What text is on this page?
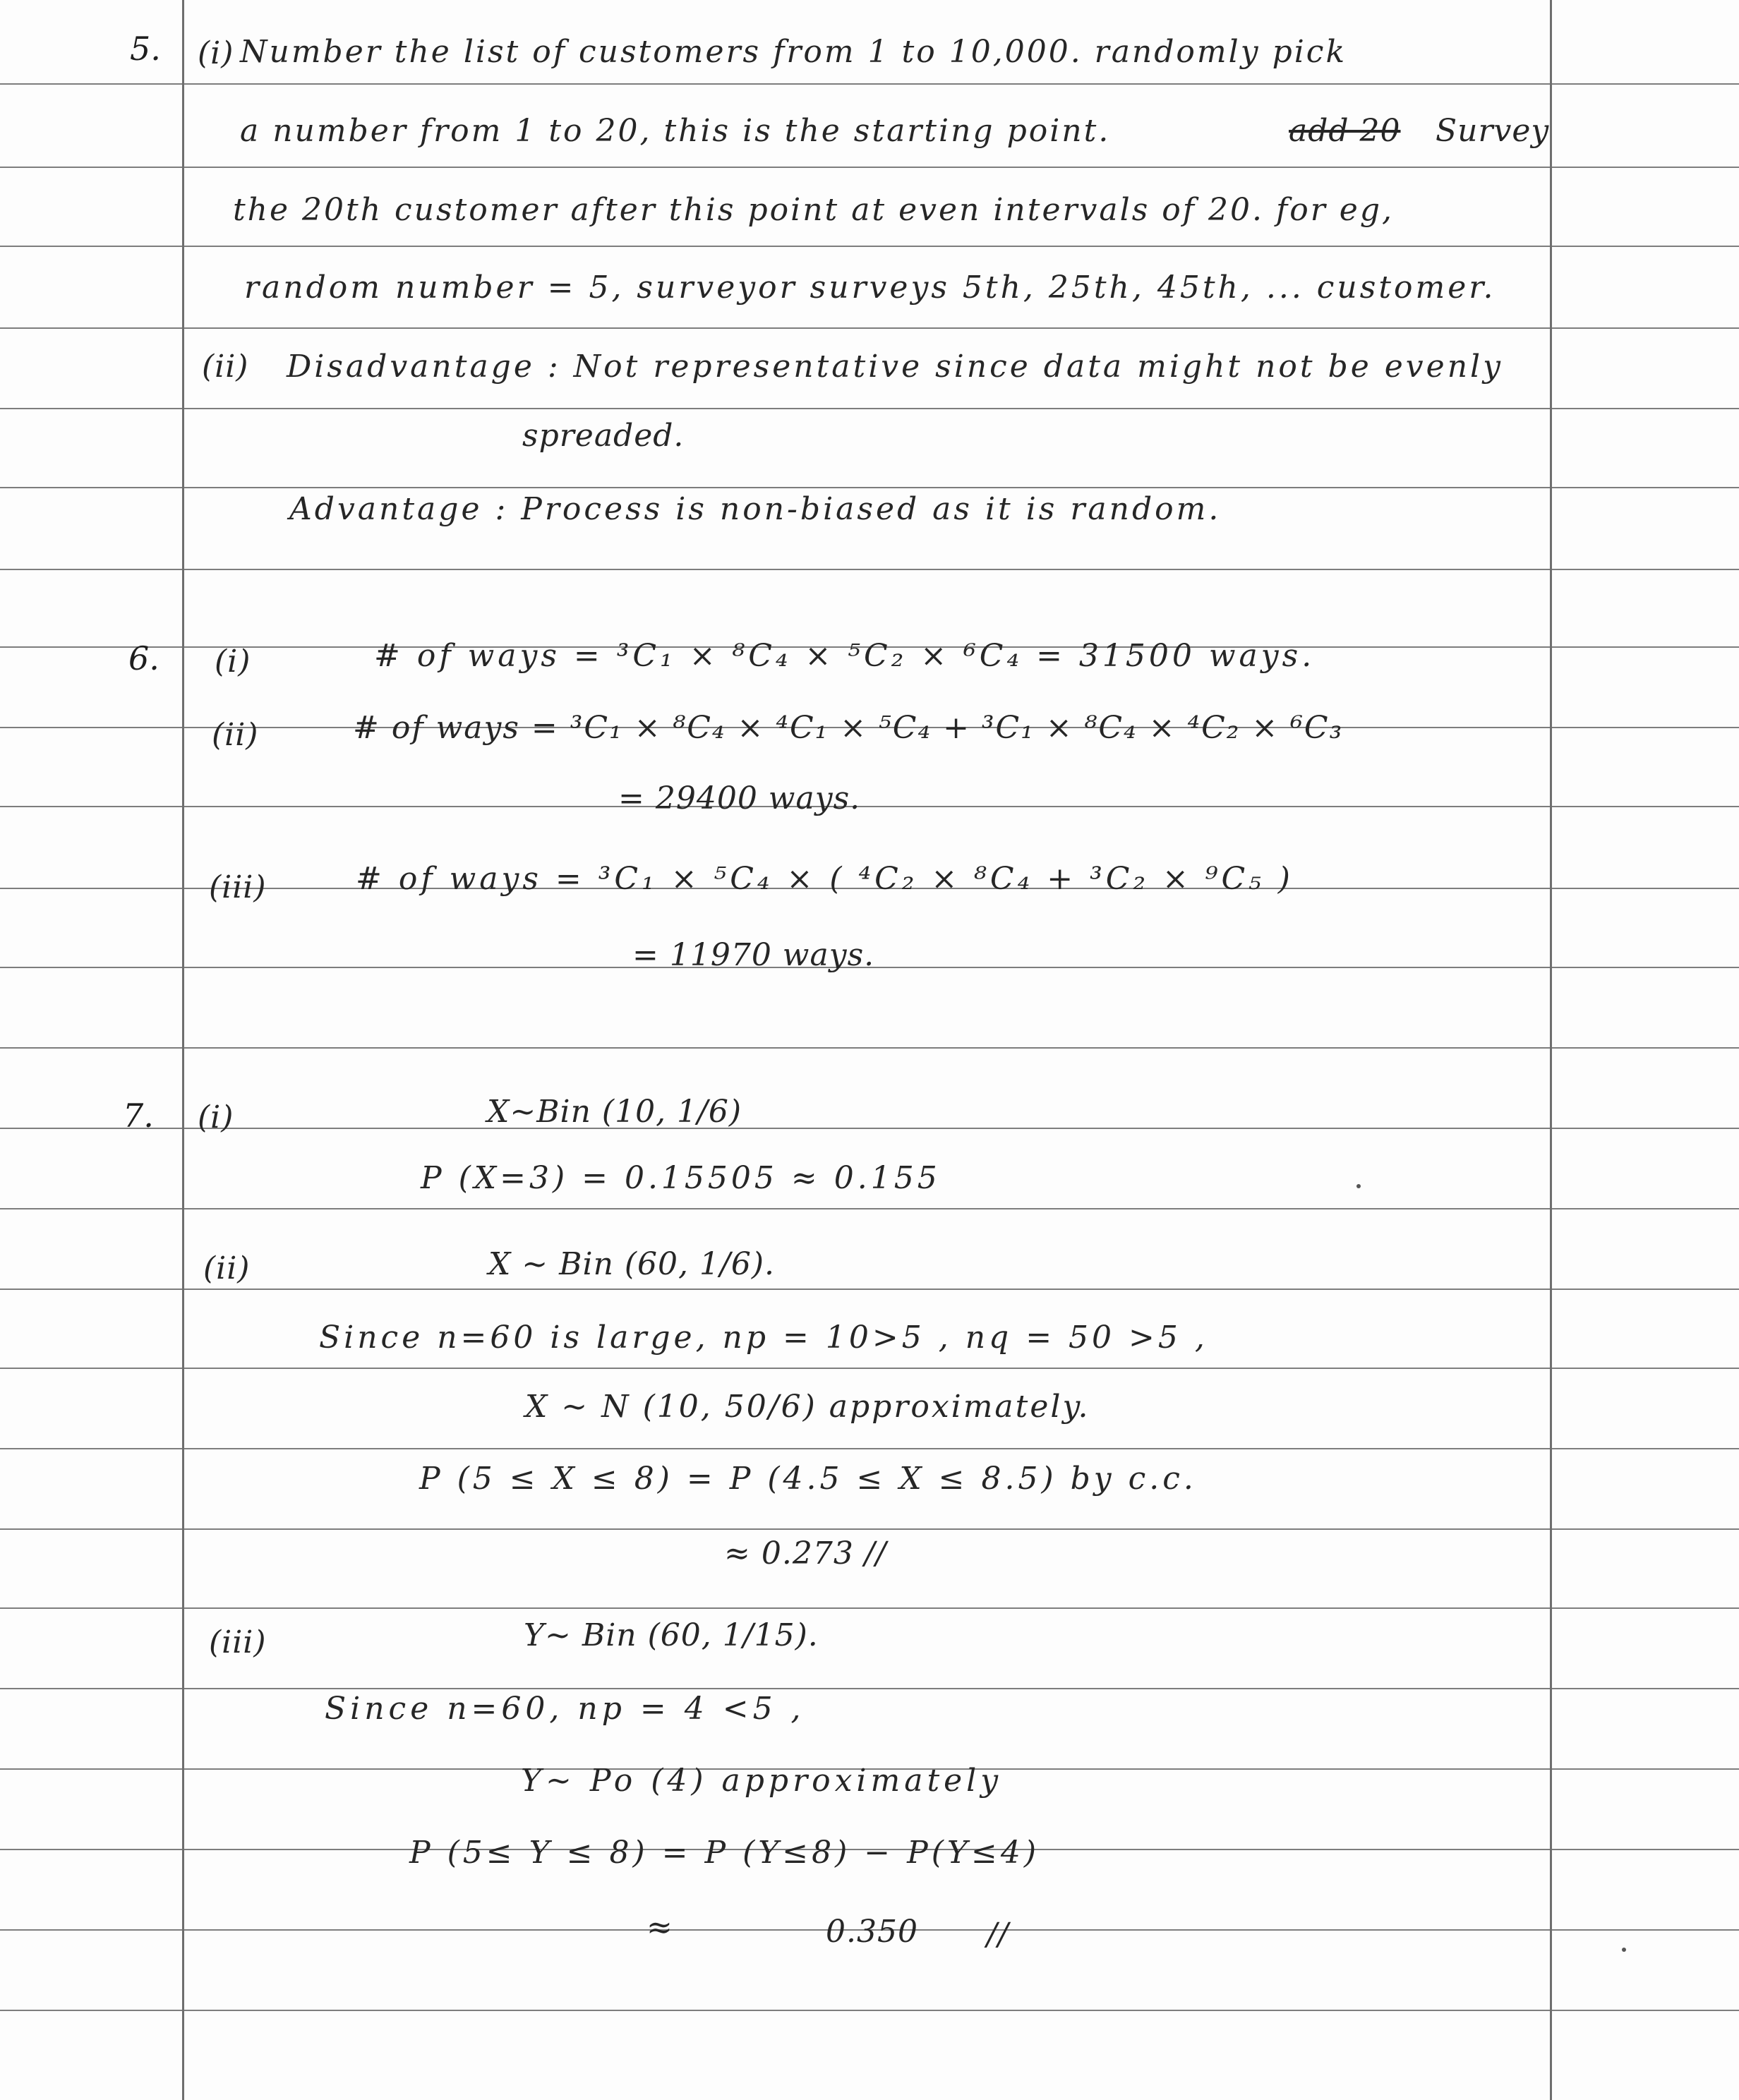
5. (i) Number the list of customers from 1 to 10,000. randomly pick
a number from 1 to 20, this is the starting point.	add 20 Survey
the 20th customer after this point at even intervals of 20. for eg,
random number = 5, surveyor surveys 5th, 25th, 45th, ... customer.
(ii) Disadvantage : Not representative since data might not be evenly
spreaded.
Advantage : Process is non-biased as it is random.
6. (i)	# of ways = ³C₁ × ⁸C₄ × ⁵C₂ × ⁶C₄ = 31500 ways.
(ii)	# of ways = ³C₁ × ⁸C₄ × ⁴C₁ × ⁵C₄ + ³C₁ × ⁸C₄ × ⁴C₂ × ⁶C₃
= 29400 ways.
(iii)	# of ways = ³C₁ × ⁵C₄ × ( ⁴C₂ × ⁸C₄ + ³C₂ × ⁹C₅ )
= 11970 ways.
7. (i)	X~Bin (10, 1/6)
P (X=3) = 0.15505 ≈ 0.155
(ii)	X ~ Bin (60, 1/6).
Since n=60 is large, np = 10>5 , nq = 50 >5 ,
X ~ N (10, 50/6) approximately.
P (5 ≤ X ≤ 8) = P (4.5 ≤ X ≤ 8.5) by c.c.
≈ 0.273 //
(iii)	Y~ Bin (60, 1/15).
Since n=60, np = 4 <5 ,
Y~ Po (4) approximately
P (5≤ Y ≤ 8) = P (Y≤8) − P(Y≤4)
≈	0.350 //
